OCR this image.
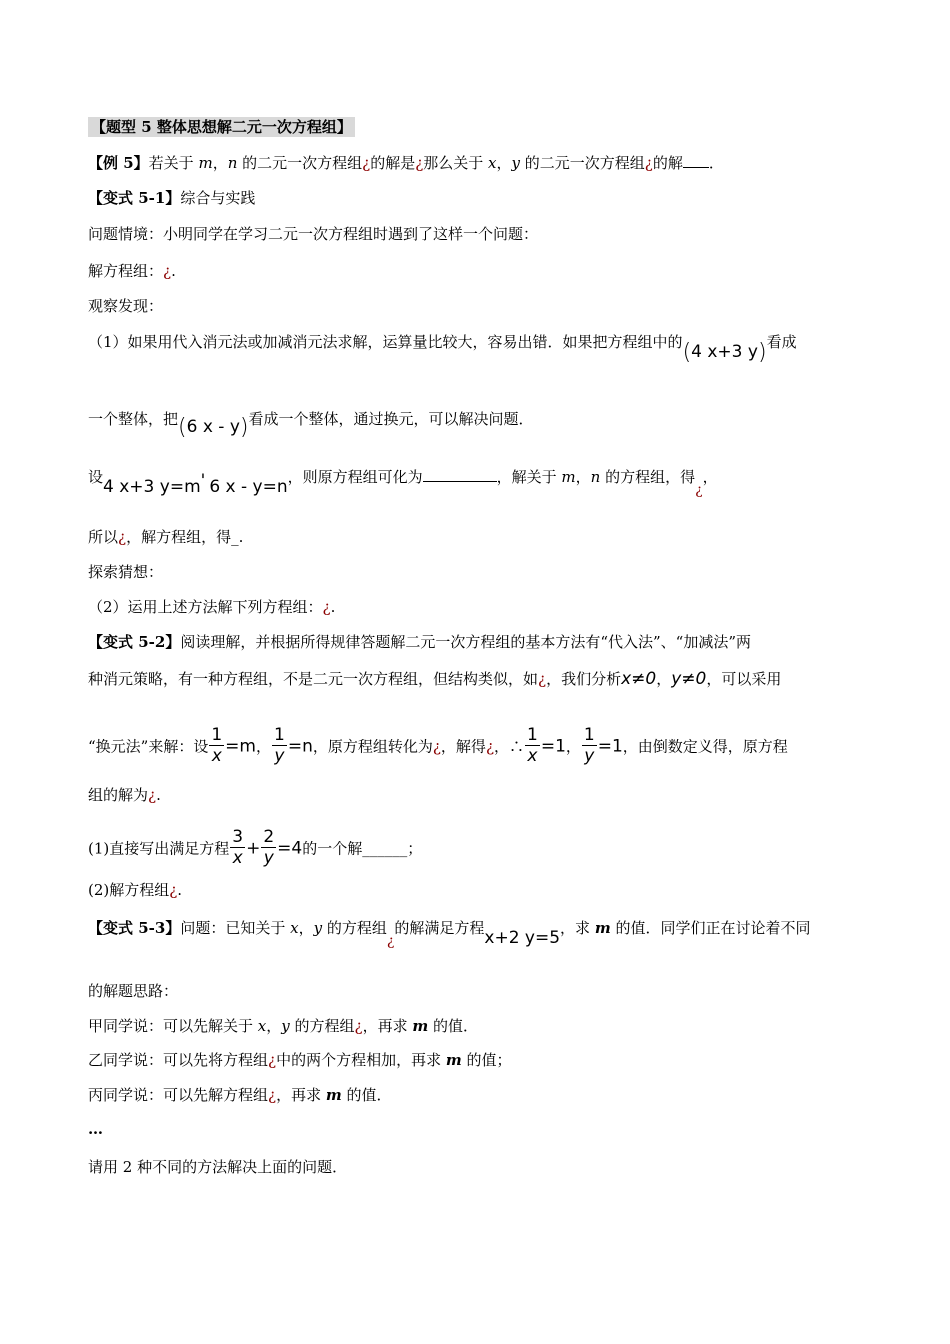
【题型 5 整体思想解二元一次方程组】
【例 5】若关于 m，n 的二元一次方程组¿的解是¿那么关于 x，y 的二元一次方程组¿的解 ．
【变式 5-1】综合与实践
问题情境：小明同学在学习二元一次方程组时遇到了这样一个问题：
解方程组：¿.
观察发现：
（1）如果用代入消元法或加减消元法求解，运算量比较大，容易出错．如果把方程组中的(4 x+3 y)看成
一个整体，把(6 x - y)看成一个整体，通过换元，可以解决问题．
设4 x+3 y=m' 6 x - y=n，则原方程组可化为	，解关于 m，n 的方程组，得¿，
所以¿，解方程组，得_.
探索猜想：
（2）运用上述方法解下列方程组：¿.
【变式 5-2】阅读理解，并根据所得规律答题解二元一次方程组的基本方法有“代入法”、“加减法”两
种消元策略，有一种方程组，不是二元一次方程组，但结构类似，如¿，我们分析x≠0，y≠0，可以采用
“换元法”来解：设 $\frac{1}{x} =m$， $\frac{1}{y} =n$，原方程组转化为¿，解得¿，∴ $\frac{1}{x} =1$， $\frac{1}{y} =1$，由倒数定义得，原方程
组的解为¿.
(1)直接写出满足方程 $\frac{3}{x} + \frac{2}{y} =4$的一个解______；
(2)解方程组¿.
【变式 5-3】问题：已知关于 x，y 的方程组¿的解满足方程x+2 y=5，求 m 的值．同学们正在讨论着不同
的解题思路：
甲同学说：可以先解关于 x，y 的方程组¿，再求 m 的值．
乙同学说：可以先将方程组¿中的两个方程相加，再求 m 的值；
丙同学说：可以先解方程组¿，再求 m 的值．
…
请用 2 种不同的方法解决上面的问题．
